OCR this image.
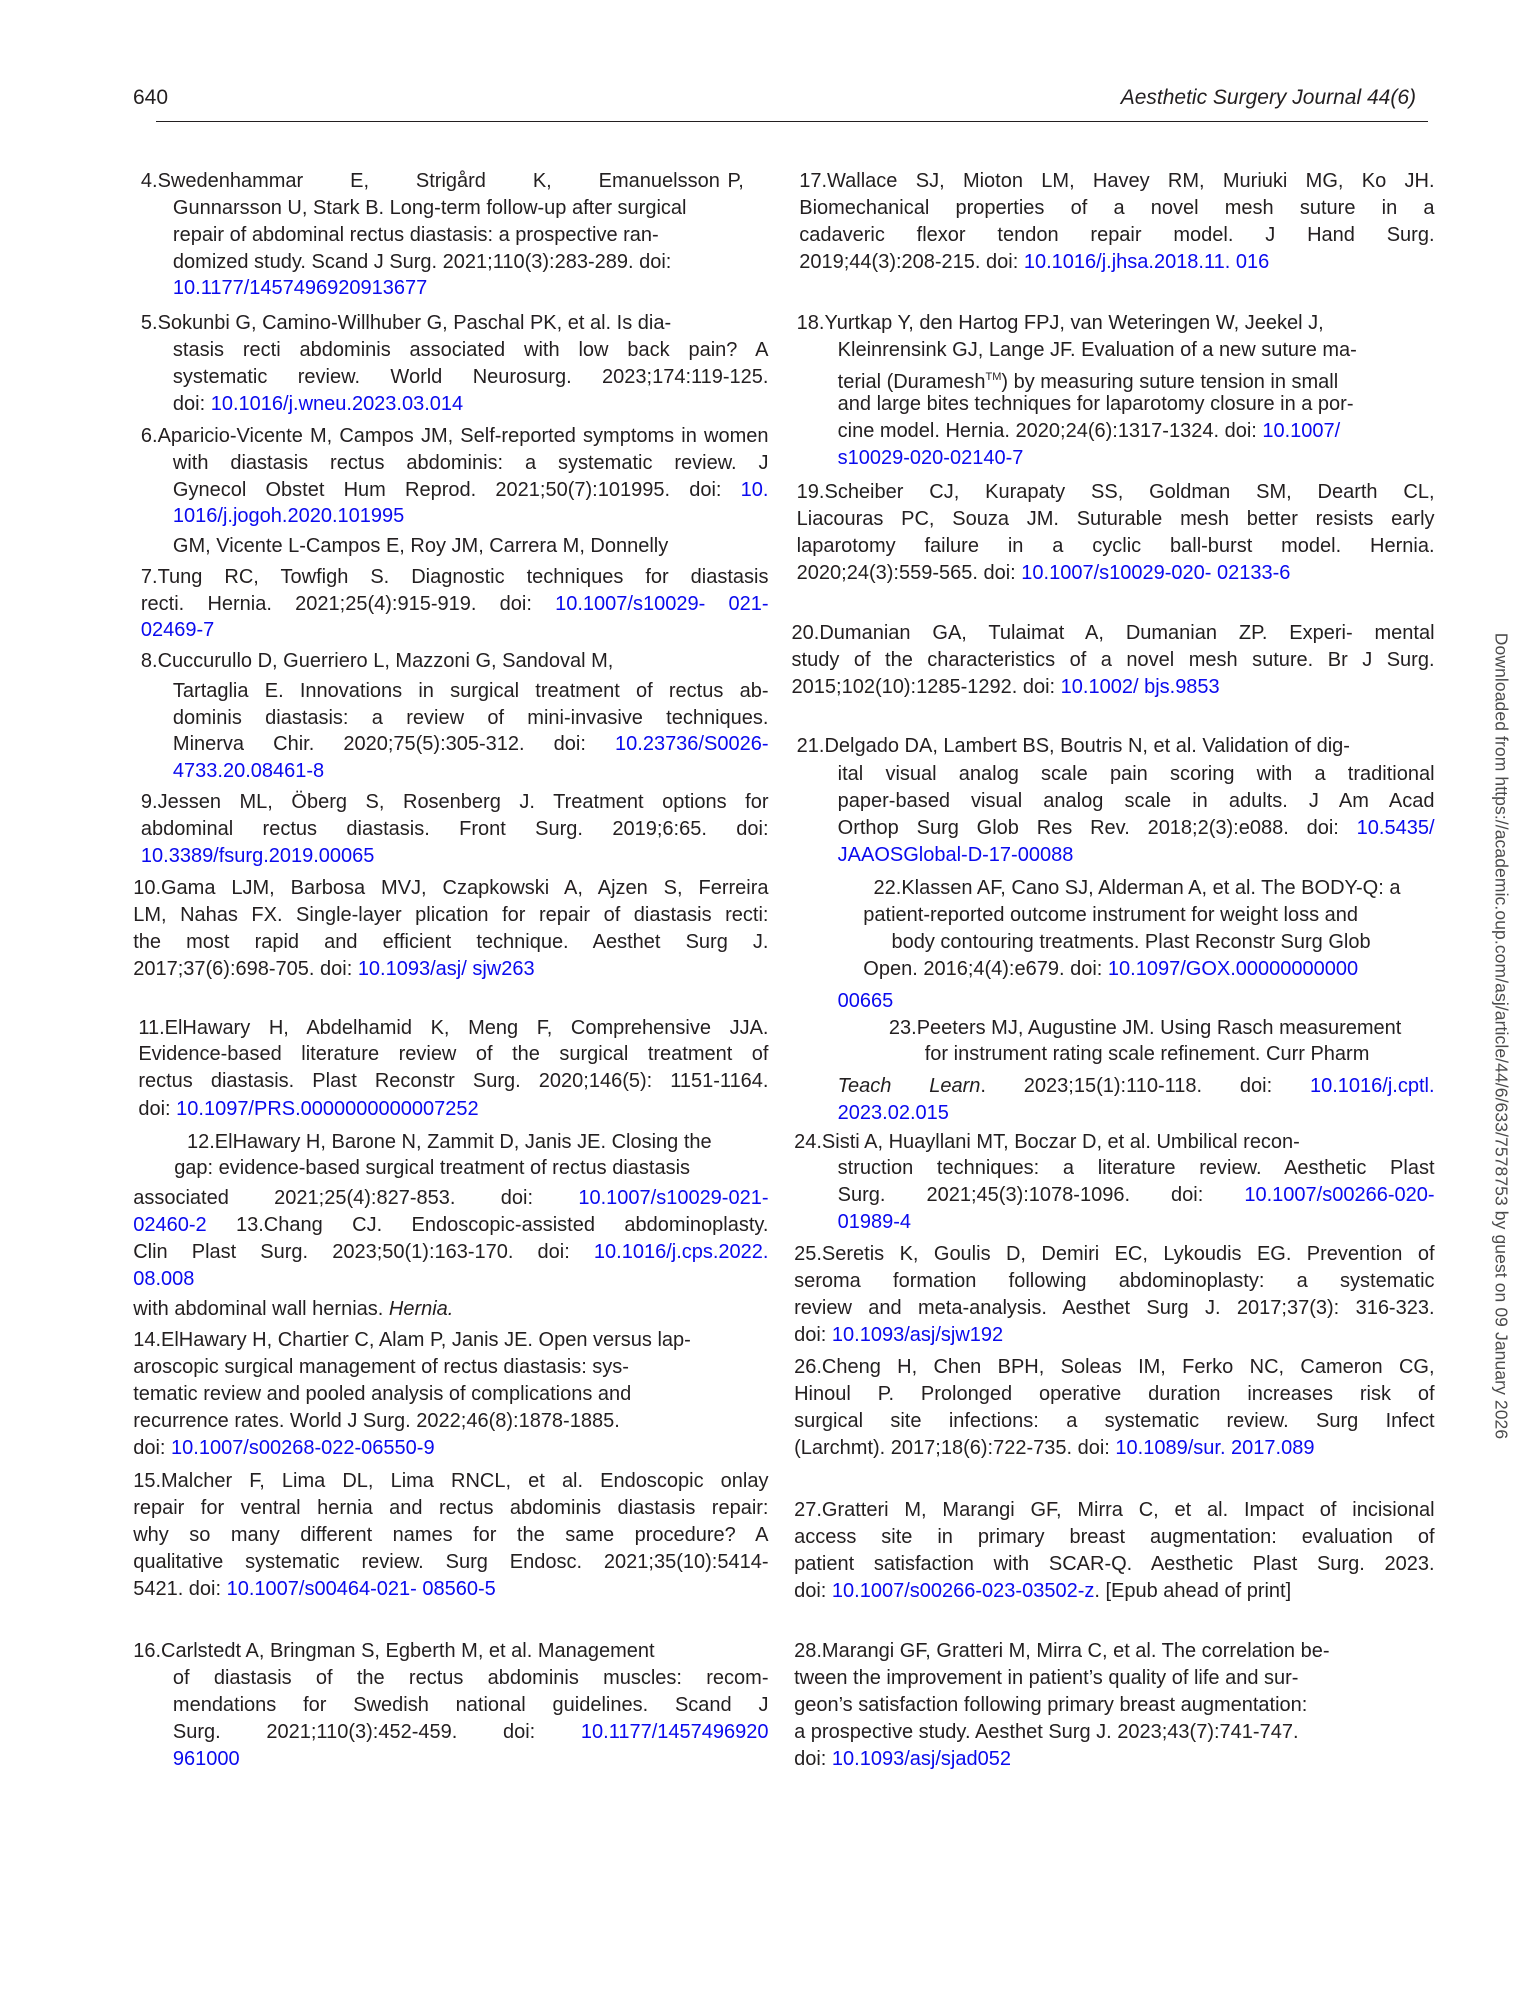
640	Aesthetic Surgery Journal 44(6)
Downloaded from https://academic.oup.com/asj/article/44/6/633/7578753 by guest on 09 January 2026
4.Swedenhammar E, Strigård K, Emanuelsson P,
Gunnarsson U, Stark B. Long-term follow-up after surgical
repair of abdominal rectus diastasis: a prospective ran-
domized study. Scand J Surg. 2021;110(3):283-289. doi:
10.1177/1457496920913677
5.Sokunbi G, Camino-Willhuber G, Paschal PK, et al. Is dia-
stasis recti abdominis associated with low back pain? A
systematic review. World Neurosurg. 2023;174:119-125.
doi: 10.1016/j.wneu.2023.03.014
6.Aparicio-Vicente M, Campos JM, Self-reported symptoms in women
GM, Vicente L-Campos E, Roy JM, Carrera M, Donnelly
with diastasis rectus abdominis: a systematic review. J
Gynecol Obstet Hum Reprod. 2021;50(7):101995. doi: 10.
1016/j.jogoh.2020.101995
7.Tung RC, Towfigh S. Diagnostic techniques for diastasis
recti. Hernia. 2021;25(4):915-919. doi: 10.1007/s10029- 021-
02469-7
8.Cuccurullo D, Guerriero L, Mazzoni G, Sandoval M,
Tartaglia E. Innovations in surgical treatment of rectus ab-
dominis diastasis: a review of mini-invasive techniques.
Minerva Chir. 2020;75(5):305-312. doi: 10.23736/S0026-
4733.20.08461-8
9.Jessen ML, Öberg S, Rosenberg J. Treatment options for
abdominal rectus diastasis. Front Surg. 2019;6:65. doi:
10.3389/fsurg.2019.00065
10.Gama LJM, Barbosa MVJ, Czapkowski A, Ajzen S, Ferreira
LM, Nahas FX. Single-layer plication for repair of diastasis recti:
the most rapid and efficient technique. Aesthet Surg J.
2017;37(6):698-705. doi: 10.1093/asj/ sjw263
11.ElHawary H, Abdelhamid K, Meng F, Comprehensive JJA.
Evidence-based literature review of the surgical treatment of
rectus diastasis. Plast Reconstr Surg. 2020;146(5): 1151-1164.
doi: 10.1097/PRS.0000000000007252
12.ElHawary H, Barone N, Zammit D, Janis JE. Closing the
gap: evidence-based surgical treatment of rectus diastasis
associated 2021;25(4):827-853. doi: 10.1007/s10029-021-
with abdominal wall hernias. Hernia.
02460-2 13.Chang CJ. Endoscopic-assisted abdominoplasty.
Clin Plast Surg. 2023;50(1):163-170. doi: 10.1016/j.cps.2022.
08.008
14.ElHawary H, Chartier C, Alam P, Janis JE. Open versus lap-
aroscopic surgical management of rectus diastasis: sys-
tematic review and pooled analysis of complications and
recurrence rates. World J Surg. 2022;46(8):1878-1885.
doi: 10.1007/s00268-022-06550-9
15.Malcher F, Lima DL, Lima RNCL, et al. Endoscopic onlay
repair for ventral hernia and rectus abdominis diastasis repair:
why so many different names for the same procedure? A
qualitative systematic review. Surg Endosc. 2021;35(10):5414-
5421. doi: 10.1007/s00464-021- 08560-5
16.Carlstedt A, Bringman S, Egberth M, et al. Management
of diastasis of the rectus abdominis muscles: recom-
mendations for Swedish national guidelines. Scand J
Surg. 2021;110(3):452-459. doi: 10.1177/1457496920
961000
17.Wallace SJ, Mioton LM, Havey RM, Muriuki MG, Ko JH.
Biomechanical properties of a novel mesh suture in a
cadaveric flexor tendon repair model. J Hand Surg.
2019;44(3):208-215. doi: 10.1016/j.jhsa.2018.11. 016
18.Yurtkap Y, den Hartog FPJ, van Weteringen W, Jeekel J,
Kleinrensink GJ, Lange JF. Evaluation of a new suture ma-
terial (Duramesh™) by measuring suture tension in small
and large bites techniques for laparotomy closure in a por-
cine model. Hernia. 2020;24(6):1317-1324. doi: 10.1007/
s10029-020-02140-7
19.Scheiber CJ, Kurapaty SS, Goldman SM, Dearth CL,
Liacouras PC, Souza JM. Suturable mesh better resists early
laparotomy failure in a cyclic ball-burst model. Hernia.
2020;24(3):559-565. doi: 10.1007/s10029-020- 02133-6
20.Dumanian GA, Tulaimat A, Dumanian ZP. Experi- mental
study of the characteristics of a novel mesh suture. Br J Surg.
2015;102(10):1285-1292. doi: 10.1002/ bjs.9853
21.Delgado DA, Lambert BS, Boutris N, et al. Validation of dig-
ital visual analog scale pain scoring with a traditional
paper-based visual analog scale in adults. J Am Acad
Orthop Surg Glob Res Rev. 2018;2(3):e088. doi: 10.5435/
JAAOSGlobal-D-17-00088
22.Klassen AF, Cano SJ, Alderman A, et al. The BODY-Q: a
patient-reported outcome instrument for weight loss and
body contouring treatments. Plast Reconstr Surg Glob
Open. 2016;4(4):e679. doi: 10.1097/GOX.00000000000
00665
23.Peeters MJ, Augustine JM. Using Rasch measurement
for instrument rating scale refinement. Curr Pharm
Teach Learn. 2023;15(1):110-118. doi: 10.1016/j.cptl.
2023.02.015
24.Sisti A, Huayllani MT, Boczar D, et al. Umbilical recon-
struction techniques: a literature review. Aesthetic Plast
Surg. 2021;45(3):1078-1096. doi: 10.1007/s00266-020-
01989-4
25.Seretis K, Goulis D, Demiri EC, Lykoudis EG. Prevention of
seroma formation following abdominoplasty: a systematic
review and meta-analysis. Aesthet Surg J. 2017;37(3): 316-323.
doi: 10.1093/asj/sjw192
26.Cheng H, Chen BPH, Soleas IM, Ferko NC, Cameron CG,
Hinoul P. Prolonged operative duration increases risk of
surgical site infections: a systematic review. Surg Infect
(Larchmt). 2017;18(6):722-735. doi: 10.1089/sur. 2017.089
27.Gratteri M, Marangi GF, Mirra C, et al. Impact of incisional
access site in primary breast augmentation: evaluation of
patient satisfaction with SCAR-Q. Aesthetic Plast Surg. 2023.
doi: 10.1007/s00266-023-03502-z. [Epub ahead of print]
28.Marangi GF, Gratteri M, Mirra C, et al. The correlation be-
tween the improvement in patient’s quality of life and sur-
geon’s satisfaction following primary breast augmentation:
a prospective study. Aesthet Surg J. 2023;43(7):741-747.
doi: 10.1093/asj/sjad052
